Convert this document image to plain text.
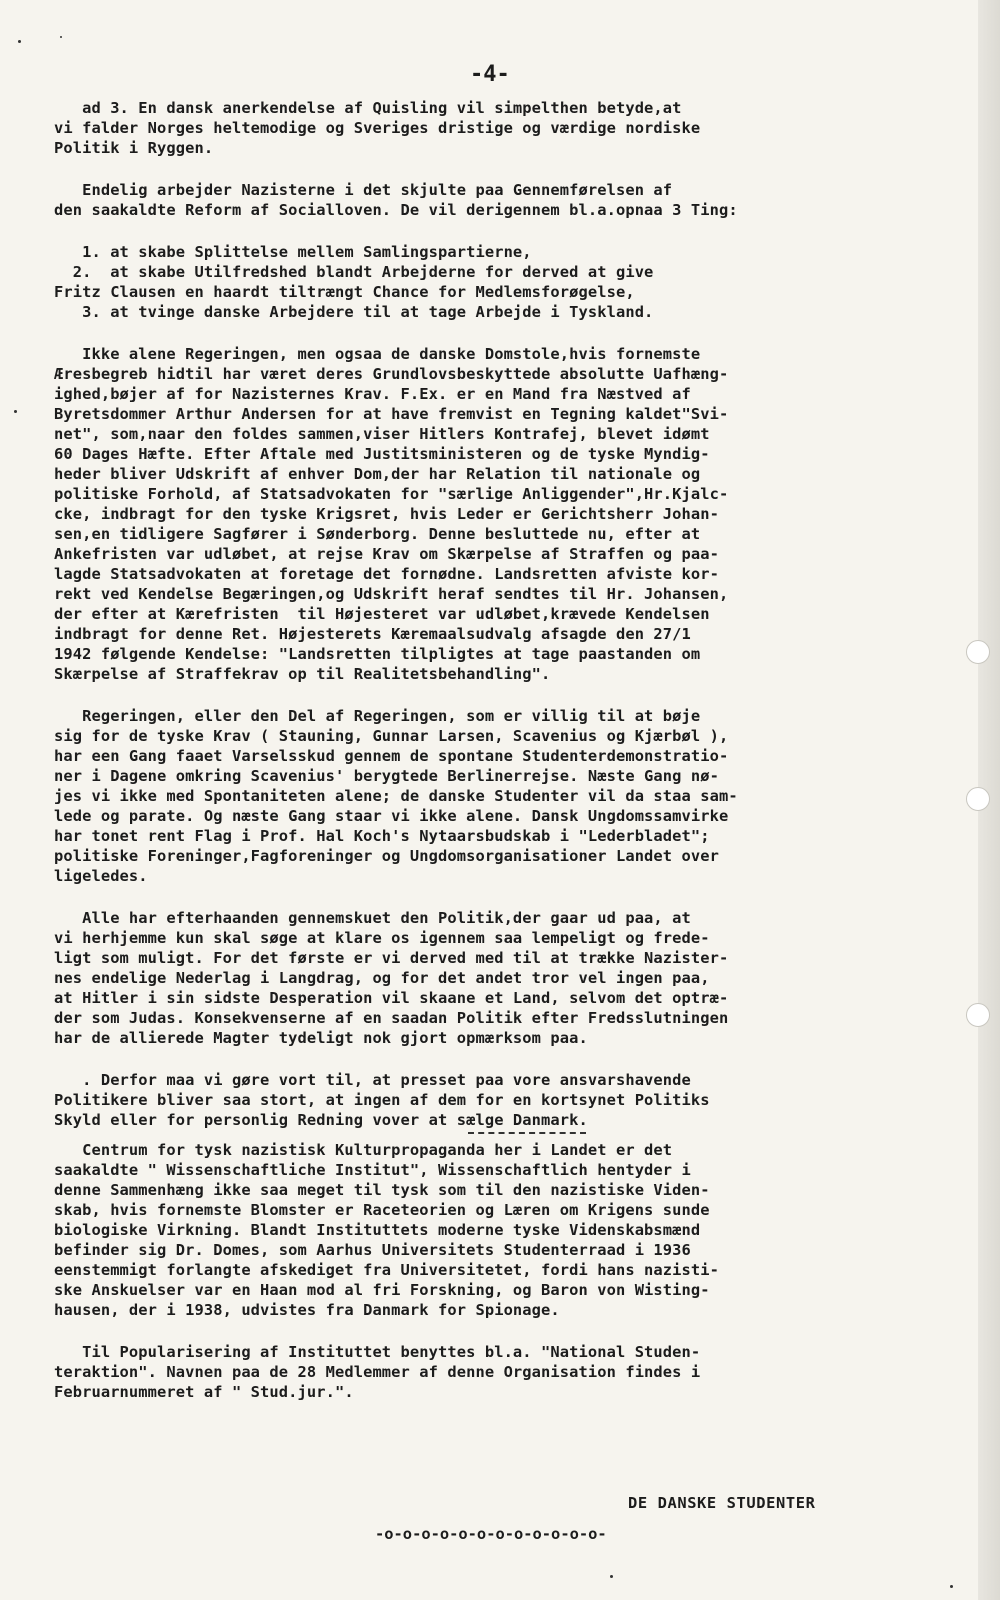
-4-
ad 3. En dansk anerkendelse af Quisling vil simpelthen betyde,at
vi falder Norges heltemodige og Sveriges dristige og værdige nordiske
Politik i Ryggen.
Endelig arbejder Nazisterne i det skjulte paa Gennemførelsen af
den saakaldte Reform af Socialloven. De vil derigennem bl.a.opnaa 3 Ting:
1. at skabe Splittelse mellem Samlingspartierne,
2.  at skabe Utilfredshed blandt Arbejderne for derved at give
Fritz Clausen en haardt tiltrængt Chance for Medlemsforøgelse,
3. at tvinge danske Arbejdere til at tage Arbejde i Tyskland.
Ikke alene Regeringen, men ogsaa de danske Domstole,hvis fornemste
Æresbegreb hidtil har været deres Grundlovsbeskyttede absolutte Uafhæng-
ighed,bøjer af for Nazisternes Krav. F.Ex. er en Mand fra Næstved af
Byretsdommer Arthur Andersen for at have fremvist en Tegning kaldet"Svi-
net", som,naar den foldes sammen,viser Hitlers Kontrafej, blevet idømt
60 Dages Hæfte. Efter Aftale med Justitsministeren og de tyske Myndig-
heder bliver Udskrift af enhver Dom,der har Relation til nationale og
politiske Forhold, af Statsadvokaten for "særlige Anliggender",Hr.Kjalc-
cke, indbragt for den tyske Krigsret, hvis Leder er Gerichtsherr Johan-
sen,en tidligere Sagfører i Sønderborg. Denne besluttede nu, efter at
Ankefristen var udløbet, at rejse Krav om Skærpelse af Straffen og paa-
lagde Statsadvokaten at foretage det fornødne. Landsretten afviste kor-
rekt ved Kendelse Begæringen,og Udskrift heraf sendtes til Hr. Johansen,
der efter at Kærefristen  til Højesteret var udløbet,krævede Kendelsen
indbragt for denne Ret. Højesterets Kæremaalsudvalg afsagde den 27/1
1942 følgende Kendelse: "Landsretten tilpligtes at tage paastanden om
Skærpelse af Straffekrav op til Realitetsbehandling".
Regeringen, eller den Del af Regeringen, som er villig til at bøje
sig for de tyske Krav ( Stauning, Gunnar Larsen, Scavenius og Kjærbøl ),
har een Gang faaet Varselsskud gennem de spontane Studenterdemonstratio-
ner i Dagene omkring Scavenius' berygtede Berlinerrejse. Næste Gang nø-
jes vi ikke med Spontaniteten alene; de danske Studenter vil da staa sam-
lede og parate. Og næste Gang staar vi ikke alene. Dansk Ungdomssamvirke
har tonet rent Flag i Prof. Hal Koch's Nytaarsbudskab i "Lederbladet";
politiske Foreninger,Fagforeninger og Ungdomsorganisationer Landet over
ligeledes.
Alle har efterhaanden gennemskuet den Politik,der gaar ud paa, at
vi herhjemme kun skal søge at klare os igennem saa lempeligt og frede-
ligt som muligt. For det første er vi derved med til at trække Nazister-
nes endelige Nederlag i Langdrag, og for det andet tror vel ingen paa,
at Hitler i sin sidste Desperation vil skaane et Land, selvom det optræ-
der som Judas. Konsekvenserne af en saadan Politik efter Fredsslutningen
har de allierede Magter tydeligt nok gjort opmærksom paa.
. Derfor maa vi gøre vort til, at presset paa vore ansvarshavende
Politikere bliver saa stort, at ingen af dem for en kortsynet Politiks
Skyld eller for personlig Redning vover at sælge Danmark.
Centrum for tysk nazistisk Kulturpropaganda her i Landet er det
saakaldte " Wissenschaftliche Institut", Wissenschaftlich hentyder i
denne Sammenhæng ikke saa meget til tysk som til den nazistiske Viden-
skab, hvis fornemste Blomster er Raceteorien og Læren om Krigens sunde
biologiske Virkning. Blandt Instituttets moderne tyske Videnskabsmænd
befinder sig Dr. Domes, som Aarhus Universitets Studenterraad i 1936
eenstemmigt forlangte afskediget fra Universitetet, fordi hans nazisti-
ske Anskuelser var en Haan mod al fri Forskning, og Baron von Wisting-
hausen, der i 1938, udvistes fra Danmark for Spionage.
Til Popularisering af Instituttet benyttes bl.a. "National Studen-
teraktion". Navnen paa de 28 Medlemmer af denne Organisation findes i
Februarnummeret af " Stud.jur.".
DE DANSKE STUDENTER
-o-o-o-o-o-o-o-o-o-o-o-o-
